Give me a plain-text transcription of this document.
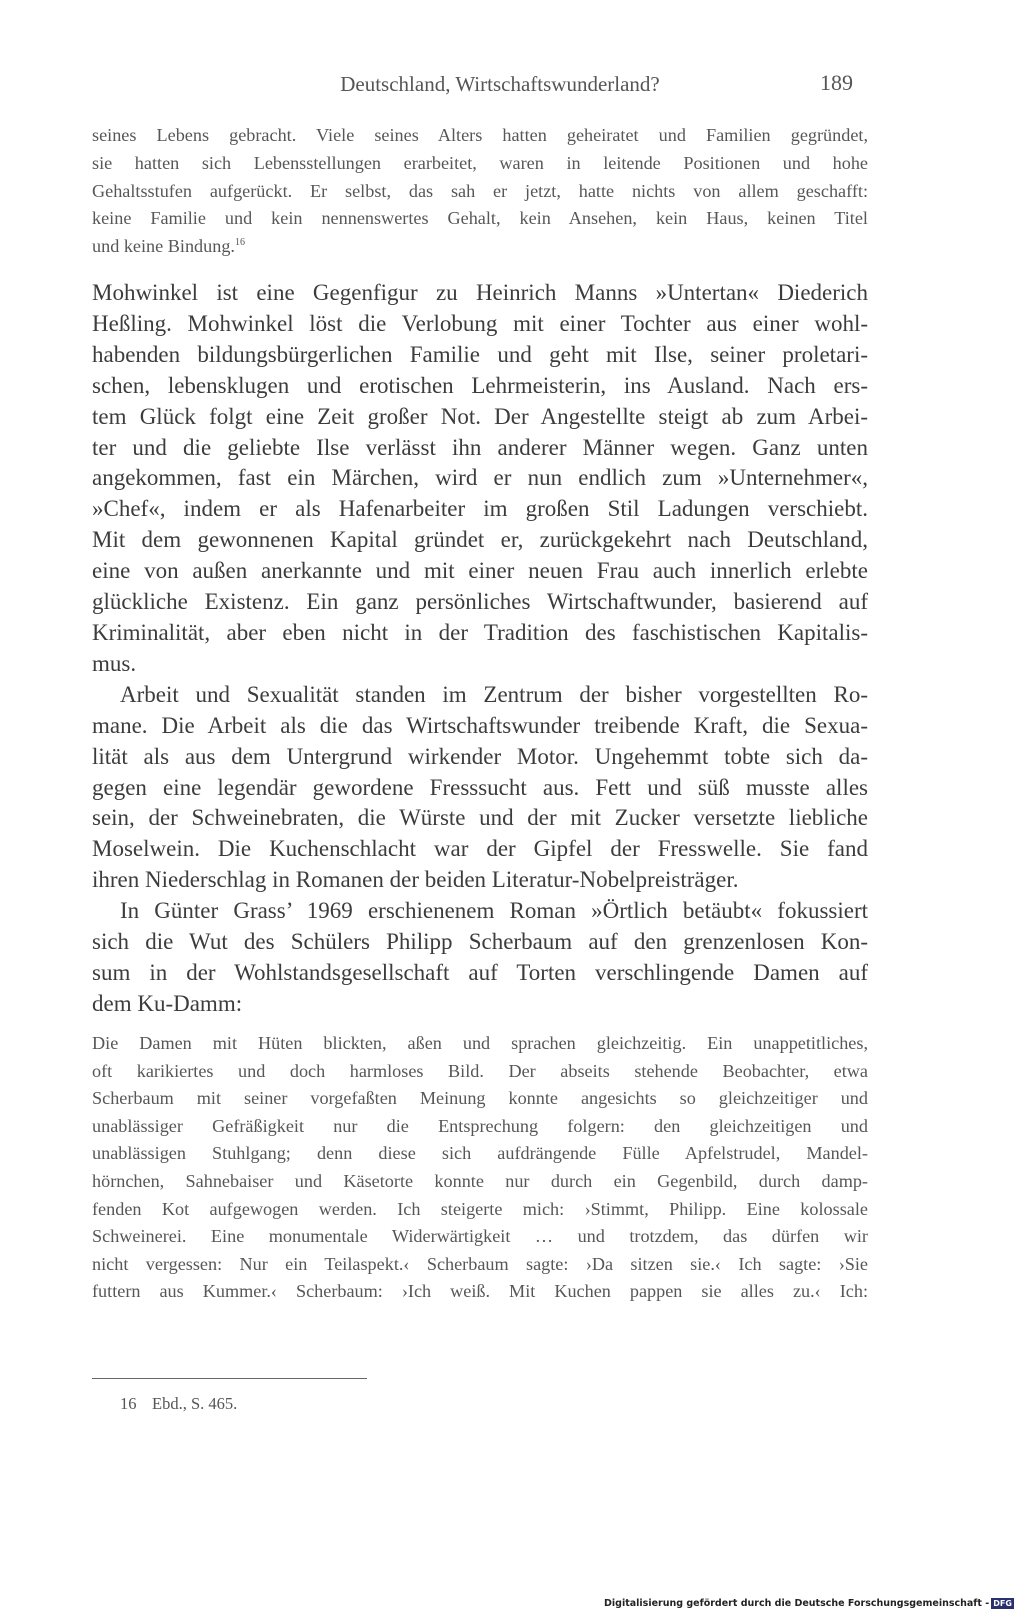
Deutschland, Wirtschaftswunderland?	189
seines Lebens gebracht. Viele seines Alters hatten geheiratet und Familien gegründet,
sie hatten sich Lebensstellungen erarbeitet, waren in leitende Positionen und hohe
Gehaltsstufen aufgerückt. Er selbst, das sah er jetzt, hatte nichts von allem geschafft:
keine Familie und kein nennenswertes Gehalt, kein Ansehen, kein Haus, keinen Titel
und keine Bindung.$^{16}$
Mohwinkel ist eine Gegenfigur zu Heinrich Manns »Untertan« Diederich
Heßling. Mohwinkel löst die Verlobung mit einer Tochter aus einer wohl-
habenden bildungsbürgerlichen Familie und geht mit Ilse, seiner proletari-
schen, lebensklugen und erotischen Lehrmeisterin, ins Ausland. Nach ers-
tem Glück folgt eine Zeit großer Not. Der Angestellte steigt ab zum Arbei-
ter und die geliebte Ilse verlässt ihn anderer Männer wegen. Ganz unten
angekommen, fast ein Märchen, wird er nun endlich zum »Unternehmer«,
»Chef«, indem er als Hafenarbeiter im großen Stil Ladungen verschiebt.
Mit dem gewonnenen Kapital gründet er, zurückgekehrt nach Deutschland,
eine von außen anerkannte und mit einer neuen Frau auch innerlich erlebte
glückliche Existenz. Ein ganz persönliches Wirtschaftwunder, basierend auf
Kriminalität, aber eben nicht in der Tradition des faschistischen Kapitalis-
mus.
Arbeit und Sexualität standen im Zentrum der bisher vorgestellten Ro-
mane. Die Arbeit als die das Wirtschaftswunder treibende Kraft, die Sexua-
lität als aus dem Untergrund wirkender Motor. Ungehemmt tobte sich da-
gegen eine legendär gewordene Fresssucht aus. Fett und süß musste alles
sein, der Schweinebraten, die Würste und der mit Zucker versetzte liebliche
Moselwein. Die Kuchenschlacht war der Gipfel der Fresswelle. Sie fand
ihren Niederschlag in Romanen der beiden Literatur-Nobelpreisträger.
In Günter Grass’ 1969 erschienenem Roman »Örtlich betäubt« fokussiert
sich die Wut des Schülers Philipp Scherbaum auf den grenzenlosen Kon-
sum in der Wohlstandsgesellschaft auf Torten verschlingende Damen auf
dem Ku-Damm:
Die Damen mit Hüten blickten, aßen und sprachen gleichzeitig. Ein unappetitliches,
oft karikiertes und doch harmloses Bild. Der abseits stehende Beobachter, etwa
Scherbaum mit seiner vorgefaßten Meinung konnte angesichts so gleichzeitiger und
unablässiger Gefräßigkeit nur die Entsprechung folgern: den gleichzeitigen und
unablässigen Stuhlgang; denn diese sich aufdrängende Fülle Apfelstrudel, Mandel-
hörnchen, Sahnebaiser und Käsetorte konnte nur durch ein Gegenbild, durch damp-
fenden Kot aufgewogen werden. Ich steigerte mich: ›Stimmt, Philipp. Eine kolossale
Schweinerei. Eine monumentale Widerwärtigkeit … und trotzdem, das dürfen wir
nicht vergessen: Nur ein Teilaspekt.‹ Scherbaum sagte: ›Da sitzen sie.‹ Ich sagte: ›Sie
futtern aus Kummer.‹ Scherbaum: ›Ich weiß. Mit Kuchen pappen sie alles zu.‹ Ich:
16 Ebd., S. 465.
Digitalisierung gefördert durch die Deutsche Forschungsgemeinschaft - DFG
